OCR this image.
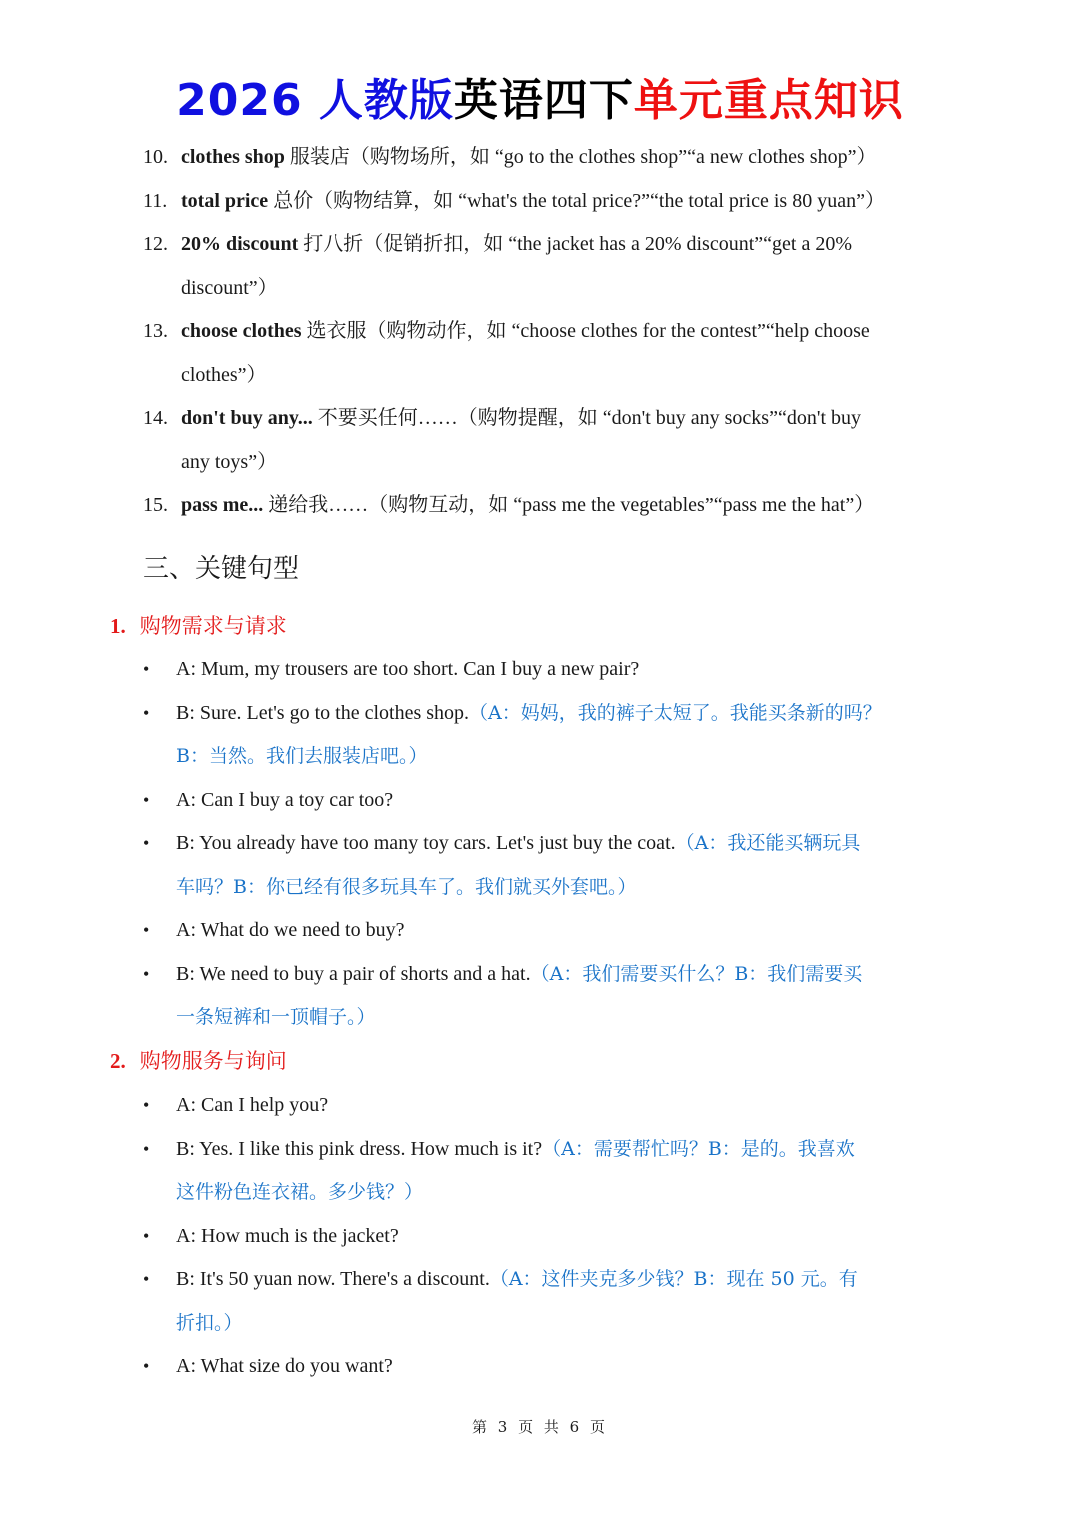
2026 人教版英语四下单元重点知识
10. clothes shop 服装店（购物场所，如 “go to the clothes shop”“a new clothes shop”）
11. total price 总价（购物结算，如 “what's the total price?”“the total price is 80 yuan”）
12. 20% discount 打八折（促销折扣，如 “the jacket has a 20% discount”“get a 20%
discount”）
13. choose clothes 选衣服（购物动作，如 “choose clothes for the contest”“help choose
clothes”）
14. don't buy any... 不要买任何……（购物提醒，如 “don't buy any socks”“don't buy
any toys”）
15. pass me... 递给我……（购物互动，如 “pass me the vegetables”“pass me the hat”）
三、关键句型
1. 购物需求与请求
•	A: Mum, my trousers are too short. Can I buy a new pair?
•	B: Sure. Let's go to the clothes shop.（A：妈妈，我的裤子太短了。我能买条新的吗？
B：当然。我们去服装店吧。）
•	A: Can I buy a toy car too?
•	B: You already have too many toy cars. Let's just buy the coat.（A：我还能买辆玩具
车吗？B：你已经有很多玩具车了。我们就买外套吧。）
•	A: What do we need to buy?
•	B: We need to buy a pair of shorts and a hat.（A：我们需要买什么？B：我们需要买
一条短裤和一顶帽子。）
2. 购物服务与询问
•	A: Can I help you?
•	B: Yes. I like this pink dress. How much is it?（A：需要帮忙吗？B：是的。我喜欢
这件粉色连衣裙。多少钱？）
•	A: How much is the jacket?
•	B: It's 50 yuan now. There's a discount.（A：这件夹克多少钱？B：现在 50 元。有
折扣。）
•	A: What size do you want?
第 3 页 共 6 页
